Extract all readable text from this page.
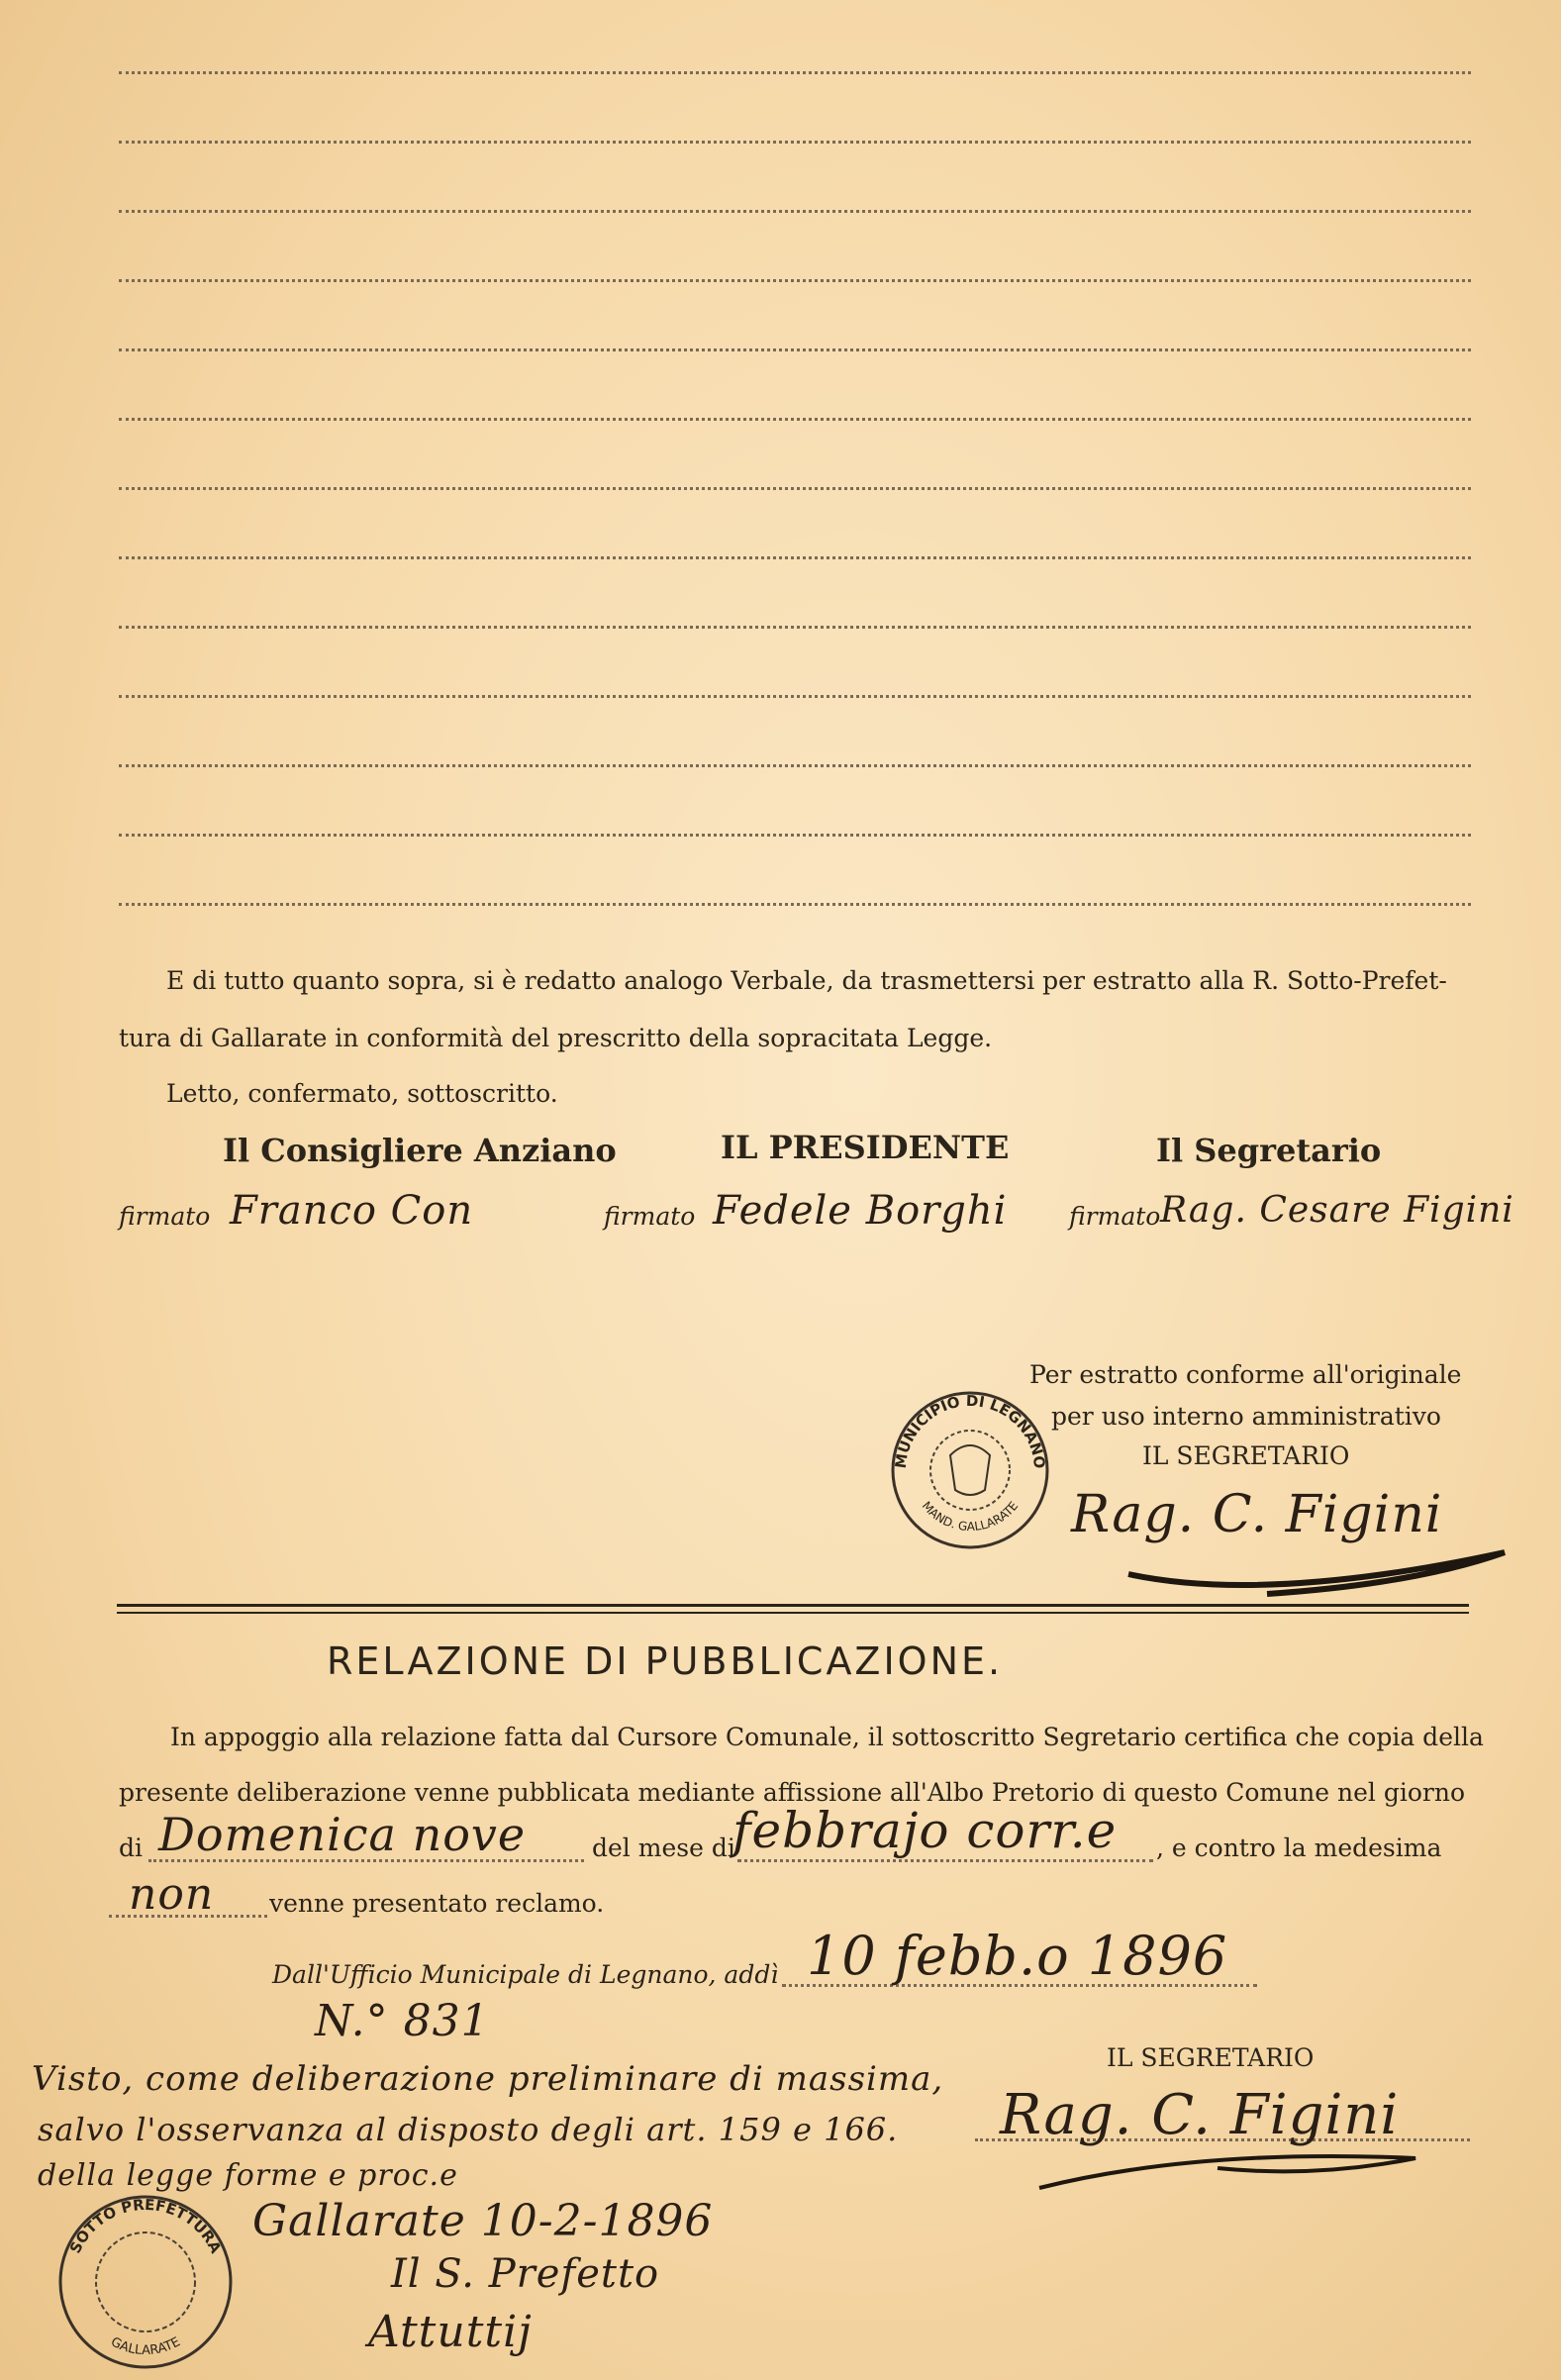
E di tutto quanto sopra, si è redatto analogo Verbale, da trasmettersi per estratto alla R. Sotto-Prefet-
tura di Gallarate in conformità del prescritto della sopracitata Legge.
Letto, confermato, sottoscritto.
Il Consigliere Anziano	IL PRESIDENTE	Il Segretario
firmato Franco Con	firmato Fedele Borghi	firmato Rag. Cesare Figini
Per estratto conforme all'originale
per uso interno amministrativo
IL SEGRETARIO
Rag. C. Figini
MUNICIPIO DI LEGNANO
MAND. GALLARATE
RELAZIONE DI PUBBLICAZIONE.
In appoggio alla relazione fatta dal Cursore Comunale, il sottoscritto Segretario certifica che copia della
presente deliberazione venne pubblicata mediante affissione all'Albo Pretorio di questo Comune nel giorno
di Domenica nove	del mese di
febbrajo corr.e , e contro la medesima
non venne presentato reclamo.
Dall'Ufficio Municipale di Legnano, addì 10 febb.o 1896
N.° 831
Visto, come deliberazione preliminare di massima,
salvo l'osservanza al disposto degli art. 159 e 166.
della legge forme e proc.e
Gallarate 10-2-1896
Il S. Prefetto
Attuttij
IL SEGRETARIO
Rag. C. Figini
SOTTO PREFETTURA
GALLARATE
